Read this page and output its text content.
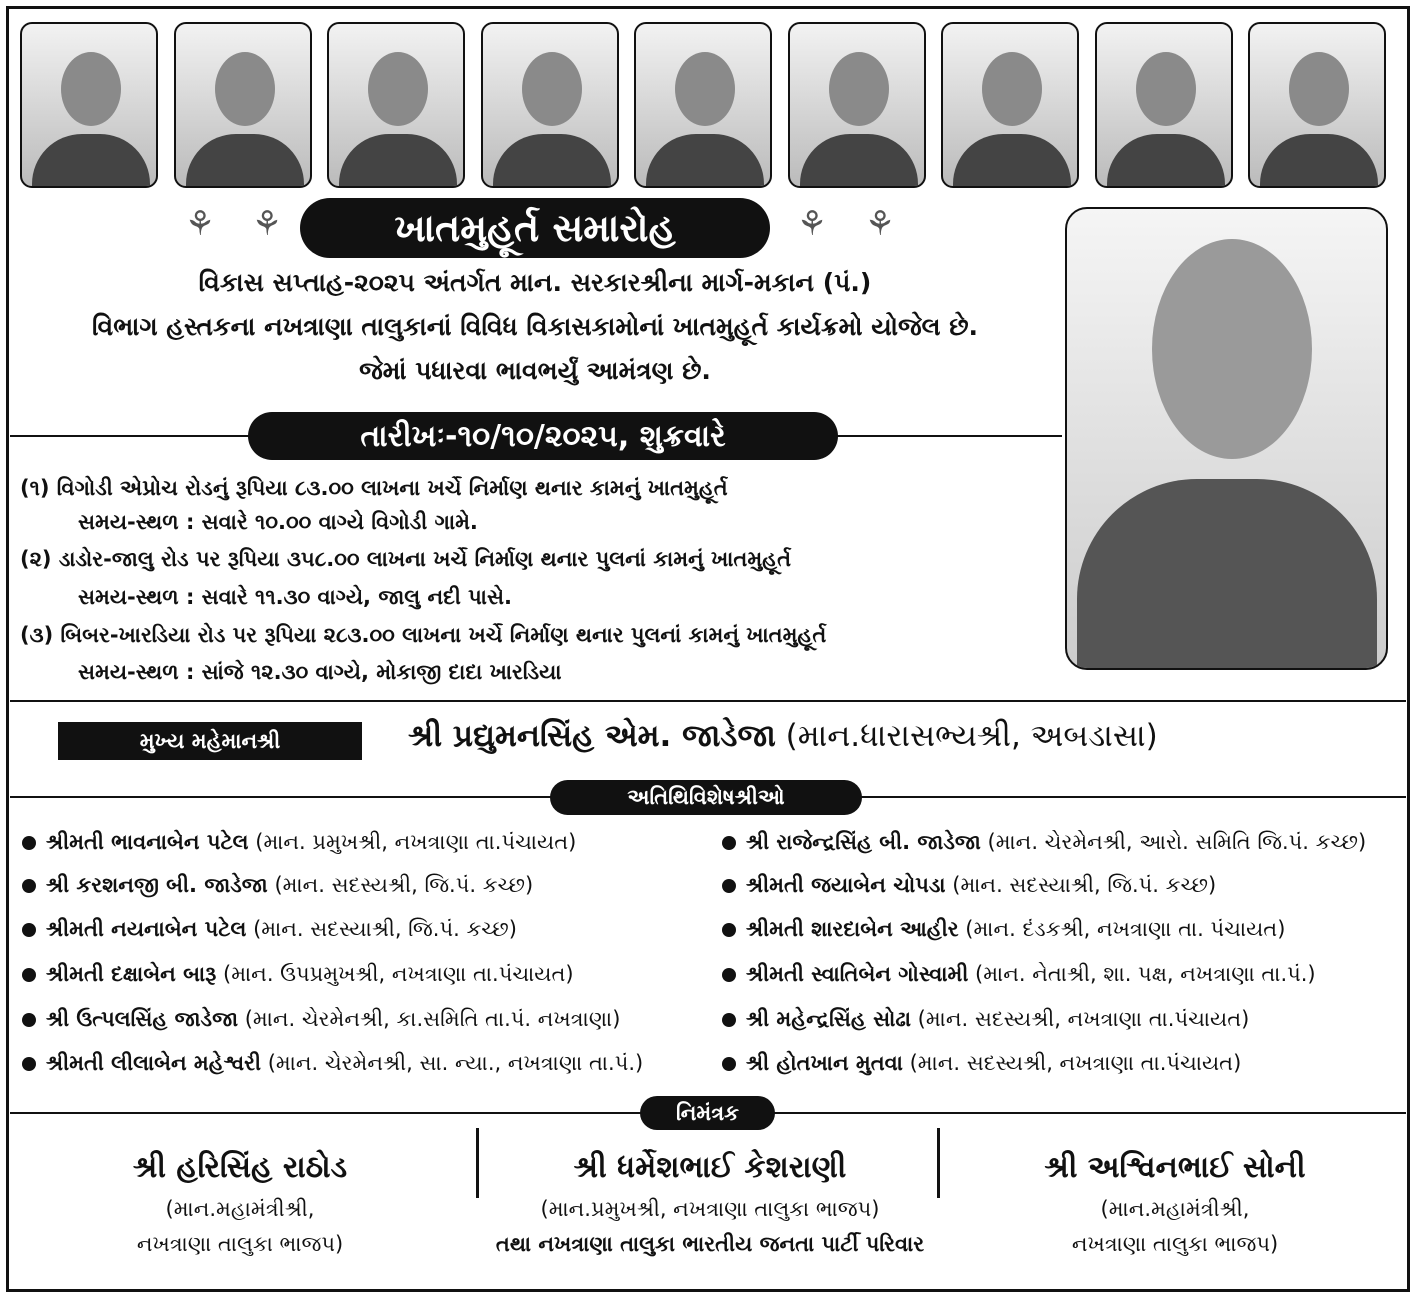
⚘ ⚘	ખાતમુહૂર્ત સમારોહ	⚘ ⚘
વિકાસ સપ્તાહ-૨૦૨૫ અંતર્ગત માન. સરકારશ્રીના માર્ગ-મકાન (પં.)
વિભાગ હસ્તકના નખત્રાણા તાલુકાનાં વિવિધ વિકાસકામોનાં ખાતમુહૂર્ત કાર્યક્રમો યોજેલ છે.
જેમાં પધારવા ભાવભર્યું આમંત્રણ છે.
તારીખઃ-૧૦/૧૦/૨૦૨૫, શુક્રવારે
(૧) વિગોડી એપ્રોચ રોડનું રૂપિયા ૮૩.૦૦ લાખના ખર્ચે નિર્માણ થનાર કામનું ખાતમુહૂર્ત
સમય-સ્થળ : સવારે ૧૦.૦૦ વાગ્યે વિગોડી ગામે.
(૨) ડાડોર-જાલુ રોડ પર રૂપિયા ૩૫૮.૦૦ લાખના ખર્ચે નિર્માણ થનાર પુલનાં કામનું ખાતમુહૂર્ત
સમય-સ્થળ : સવારે ૧૧.૩૦ વાગ્યે, જાલુ નદી પાસે.
(૩) બિબર-ખારડિયા રોડ પર રૂપિયા ૨૮૩.૦૦ લાખના ખર્ચે નિર્માણ થનાર પુલનાં કામનું ખાતમુહૂર્ત
સમય-સ્થળ : સાંજે ૧૨.૩૦ વાગ્યે, મોકાજી દાદા ખારડિયા
મુખ્ય મહેમાનશ્રી	શ્રી પ્રદ્યુમનસિંહ એમ. જાડેજા (માન.ધારાસભ્યશ્રી, અબડાસા)
અતિથિવિશેષશ્રીઓ
શ્રીમતી ભાવનાબેન પટેલ (માન. પ્રમુખશ્રી, નખત્રાણા તા.પંચાયત)
શ્રી કરશનજી બી. જાડેજા (માન. સદસ્યશ્રી, જિ.પં. કચ્છ)
શ્રીમતી નયનાબેન પટેલ (માન. સદસ્યાશ્રી, જિ.પં. કચ્છ)
શ્રીમતી દક્ષાબેન બારૂ (માન. ઉપપ્રમુખશ્રી, નખત્રાણા તા.પંચાયત)
શ્રી ઉત્પલસિંહ જાડેજા (માન. ચેરમેનશ્રી, કા.સમિતિ તા.પં. નખત્રાણા)
શ્રીમતી લીલાબેન મહેશ્વરી (માન. ચેરમેનશ્રી, સા. ન્યા., નખત્રાણા તા.પં.)
શ્રી રાજેન્દ્રસિંહ બી. જાડેજા (માન. ચેરમેનશ્રી, આરો. સમિતિ જિ.પં. કચ્છ)
શ્રીમતી જયાબેન ચોપડા (માન. સદસ્યાશ્રી, જિ.પં. કચ્છ)
શ્રીમતી શારદાબેન આહીર (માન. દંડકશ્રી, નખત્રાણા તા. પંચાયત)
શ્રીમતી સ્વાતિબેન ગોસ્વામી (માન. નેતાશ્રી, શા. પક્ષ, નખત્રાણા તા.પં.)
શ્રી મહેન્દ્રસિંહ સોઢા (માન. સદસ્યશ્રી, નખત્રાણા તા.પંચાયત)
શ્રી હોતખાન મુતવા (માન. સદસ્યશ્રી, નખત્રાણા તા.પંચાયત)
નિમંત્રક
શ્રી હરિસિંહ રાઠોડ
(માન.મહામંત્રીશ્રી,
નખત્રાણા તાલુકા ભાજપ)
શ્રી ધર્મેશભાઈ કેશરાણી
(માન.પ્રમુખશ્રી, નખત્રાણા તાલુકા ભાજપ)
તથા નખત્રાણા તાલુકા ભારતીય જનતા પાર્ટી પરિવાર
શ્રી અશ્વિનભાઈ સોની
(માન.મહામંત્રીશ્રી,
નખત્રાણા તાલુકા ભાજપ)
